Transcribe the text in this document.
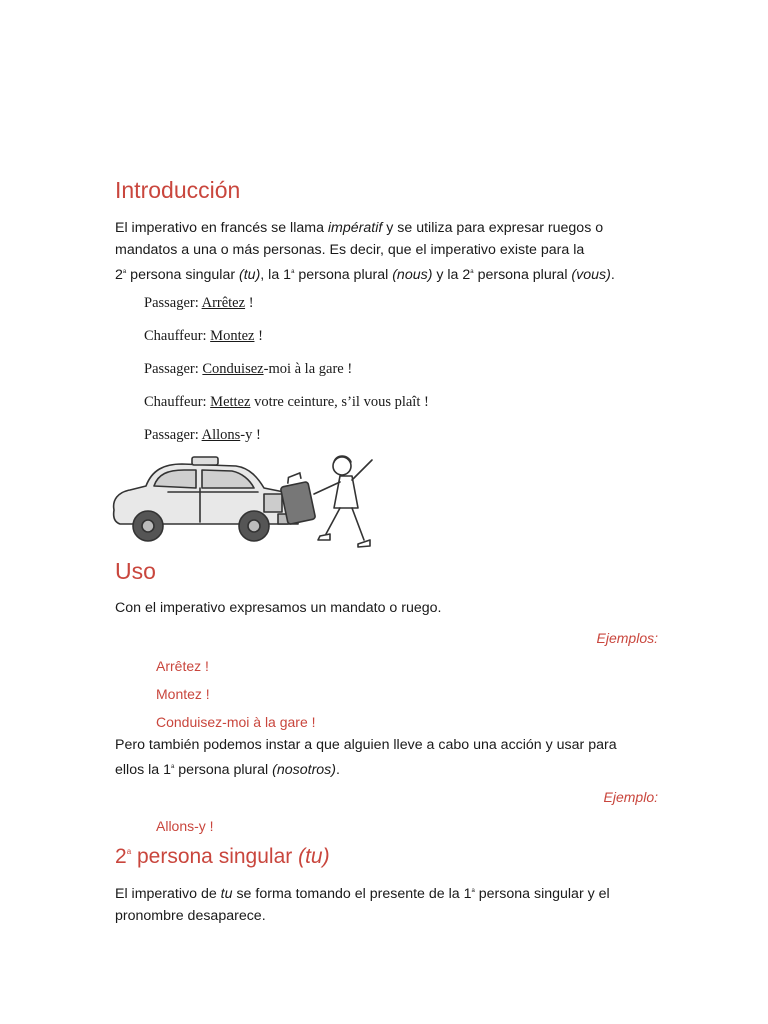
Introducción
El imperativo en francés se llama impératif y se utiliza para expresar ruegos o
mandatos a una o más personas. Es decir, que el imperativo existe para la
2$^a$ persona singular (tu), la 1$^a$ persona plural (nous) y la 2$^a$ persona plural (vous).
Passager: Arrêtez !
Chauffeur: Montez !
Passager: Conduisez-moi à la gare !
Chauffeur: Mettez votre ceinture, s’il vous plaît !
Passager: Allons-y !
Uso
Con el imperativo expresamos un mandato o ruego.
Ejemplos:
Arrêtez !
Montez !
Conduisez-moi à la gare !
Pero también podemos instar a que alguien lleve a cabo una acción y usar para
ellos la 1$^a$ persona plural (nosotros).
Ejemplo:
Allons-y !
2$^a$ persona singular (tu)
El imperativo de tu se forma tomando el presente de la 1$^a$ persona singular y el
pronombre desaparece.
